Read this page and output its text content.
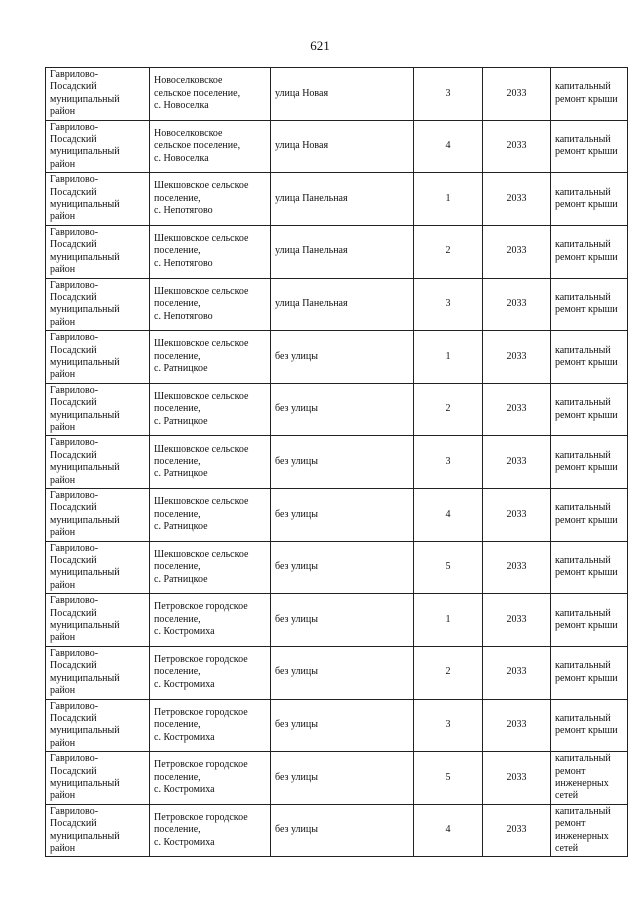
621
Гаврилово-
Посадский
муниципальный
район	Новоселковское
сельское поселение,
с. Новоселка	улица Новая	3	2033	капитальный
ремонт крыши

Гаврилово-
Посадский
муниципальный
район	Новоселковское
сельское поселение,
с. Новоселка	улица Новая	4	2033	капитальный
ремонт крыши

Гаврилово-
Посадский
муниципальный
район	Шекшовское сельское
поселение,
с. Непотягово	улица Панельная	1	2033	капитальный
ремонт крыши

Гаврилово-
Посадский
муниципальный
район	Шекшовское сельское
поселение,
с. Непотягово	улица Панельная	2	2033	капитальный
ремонт крыши

Гаврилово-
Посадский
муниципальный
район	Шекшовское сельское
поселение,
с. Непотягово	улица Панельная	3	2033	капитальный
ремонт крыши

Гаврилово-
Посадский
муниципальный
район	Шекшовское сельское
поселение,
с. Ратницкое	без улицы	1	2033	капитальный
ремонт крыши

Гаврилово-
Посадский
муниципальный
район	Шекшовское сельское
поселение,
с. Ратницкое	без улицы	2	2033	капитальный
ремонт крыши

Гаврилово-
Посадский
муниципальный
район	Шекшовское сельское
поселение,
с. Ратницкое	без улицы	3	2033	капитальный
ремонт крыши

Гаврилово-
Посадский
муниципальный
район	Шекшовское сельское
поселение,
с. Ратницкое	без улицы	4	2033	капитальный
ремонт крыши

Гаврилово-
Посадский
муниципальный
район	Шекшовское сельское
поселение,
с. Ратницкое	без улицы	5	2033	капитальный
ремонт крыши

Гаврилово-
Посадский
муниципальный
район	Петровское городское
поселение,
с. Костромиха	без улицы	1	2033	капитальный
ремонт крыши

Гаврилово-
Посадский
муниципальный
район	Петровское городское
поселение,
с. Костромиха	без улицы	2	2033	капитальный
ремонт крыши

Гаврилово-
Посадский
муниципальный
район	Петровское городское
поселение,
с. Костромиха	без улицы	3	2033	капитальный
ремонт крыши

Гаврилово-
Посадский
муниципальный
район	Петровское городское
поселение,
с. Костромиха	без улицы	5	2033	капитальный
ремонт
инженерных
сетей

Гаврилово-
Посадский
муниципальный
район	Петровское городское
поселение,
с. Костромиха	без улицы	4	2033	капитальный
ремонт
инженерных
сетей
